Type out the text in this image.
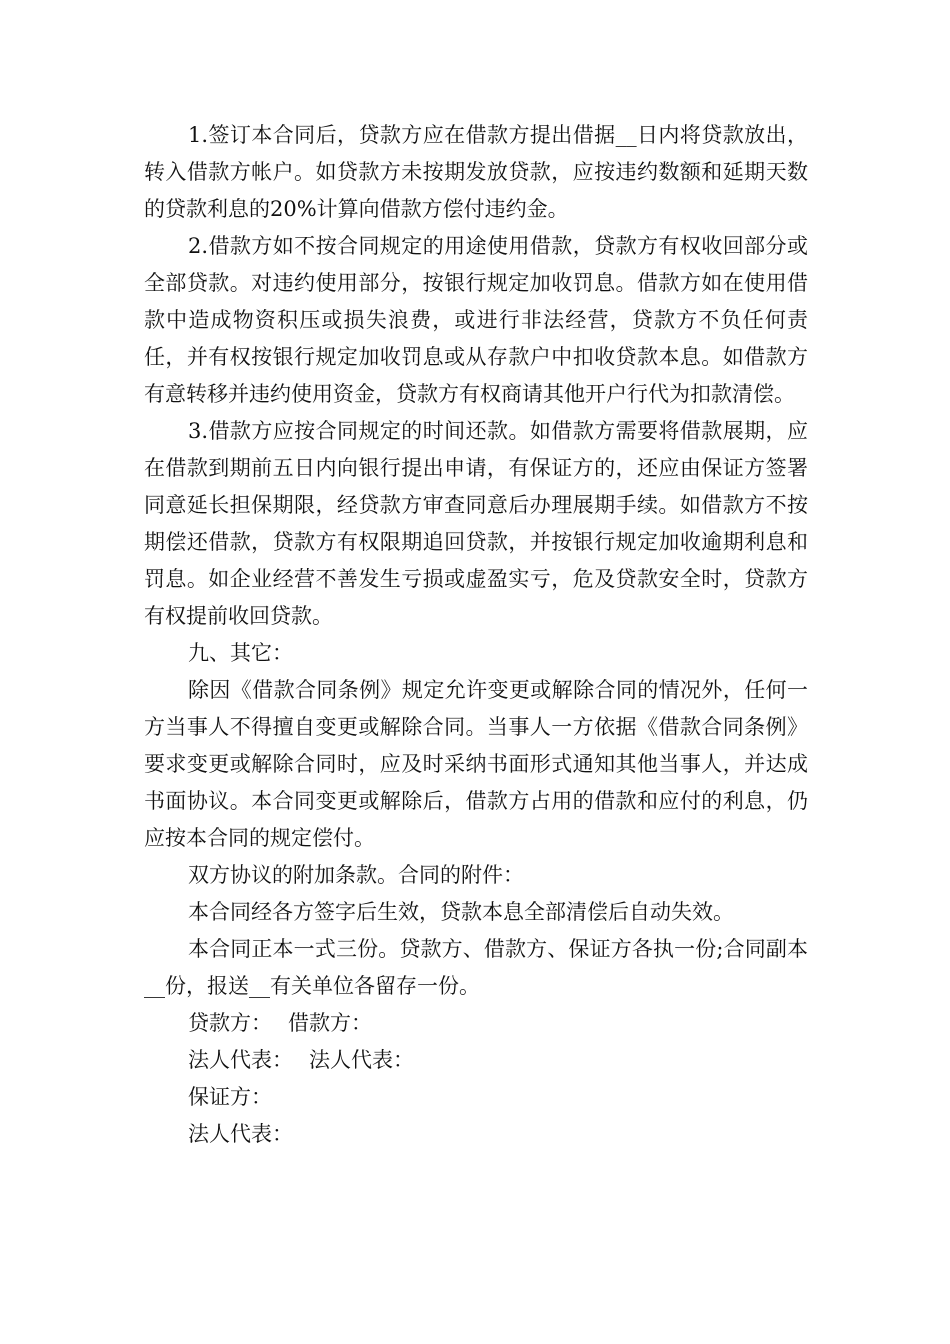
1.签订本合同后，贷款方应在借款方提出借据__日内将贷款放出，转入借款方帐户。如贷款方未按期发放贷款，应按违约数额和延期天数的贷款利息的20%计算向借款方偿付违约金。

2.借款方如不按合同规定的用途使用借款，贷款方有权收回部分或全部贷款。对违约使用部分，按银行规定加收罚息。借款方如在使用借款中造成物资积压或损失浪费，或进行非法经营，贷款方不负任何责任，并有权按银行规定加收罚息或从存款户中扣收贷款本息。如借款方有意转移并违约使用资金，贷款方有权商请其他开户行代为扣款清偿。

3.借款方应按合同规定的时间还款。如借款方需要将借款展期，应在借款到期前五日内向银行提出申请，有保证方的，还应由保证方签署同意延长担保期限，经贷款方审查同意后办理展期手续。如借款方不按期偿还借款，贷款方有权限期追回贷款，并按银行规定加收逾期利息和罚息。如企业经营不善发生亏损或虚盈实亏，危及贷款安全时，贷款方有权提前收回贷款。

九、其它：

除因《借款合同条例》规定允许变更或解除合同的情况外，任何一方当事人不得擅自变更或解除合同。当事人一方依据《借款合同条例》要求变更或解除合同时，应及时采纳书面形式通知其他当事人，并达成书面协议。本合同变更或解除后，借款方占用的借款和应付的利息，仍应按本合同的规定偿付。

双方协议的附加条款。合同的附件：

本合同经各方签字后生效，贷款本息全部清偿后自动失效。

本合同正本一式三份。贷款方、借款方、保证方各执一份;合同副本__份，报送__有关单位各留存一份。

贷款方： 借款方：

法人代表： 法人代表：

保证方：

法人代表：
